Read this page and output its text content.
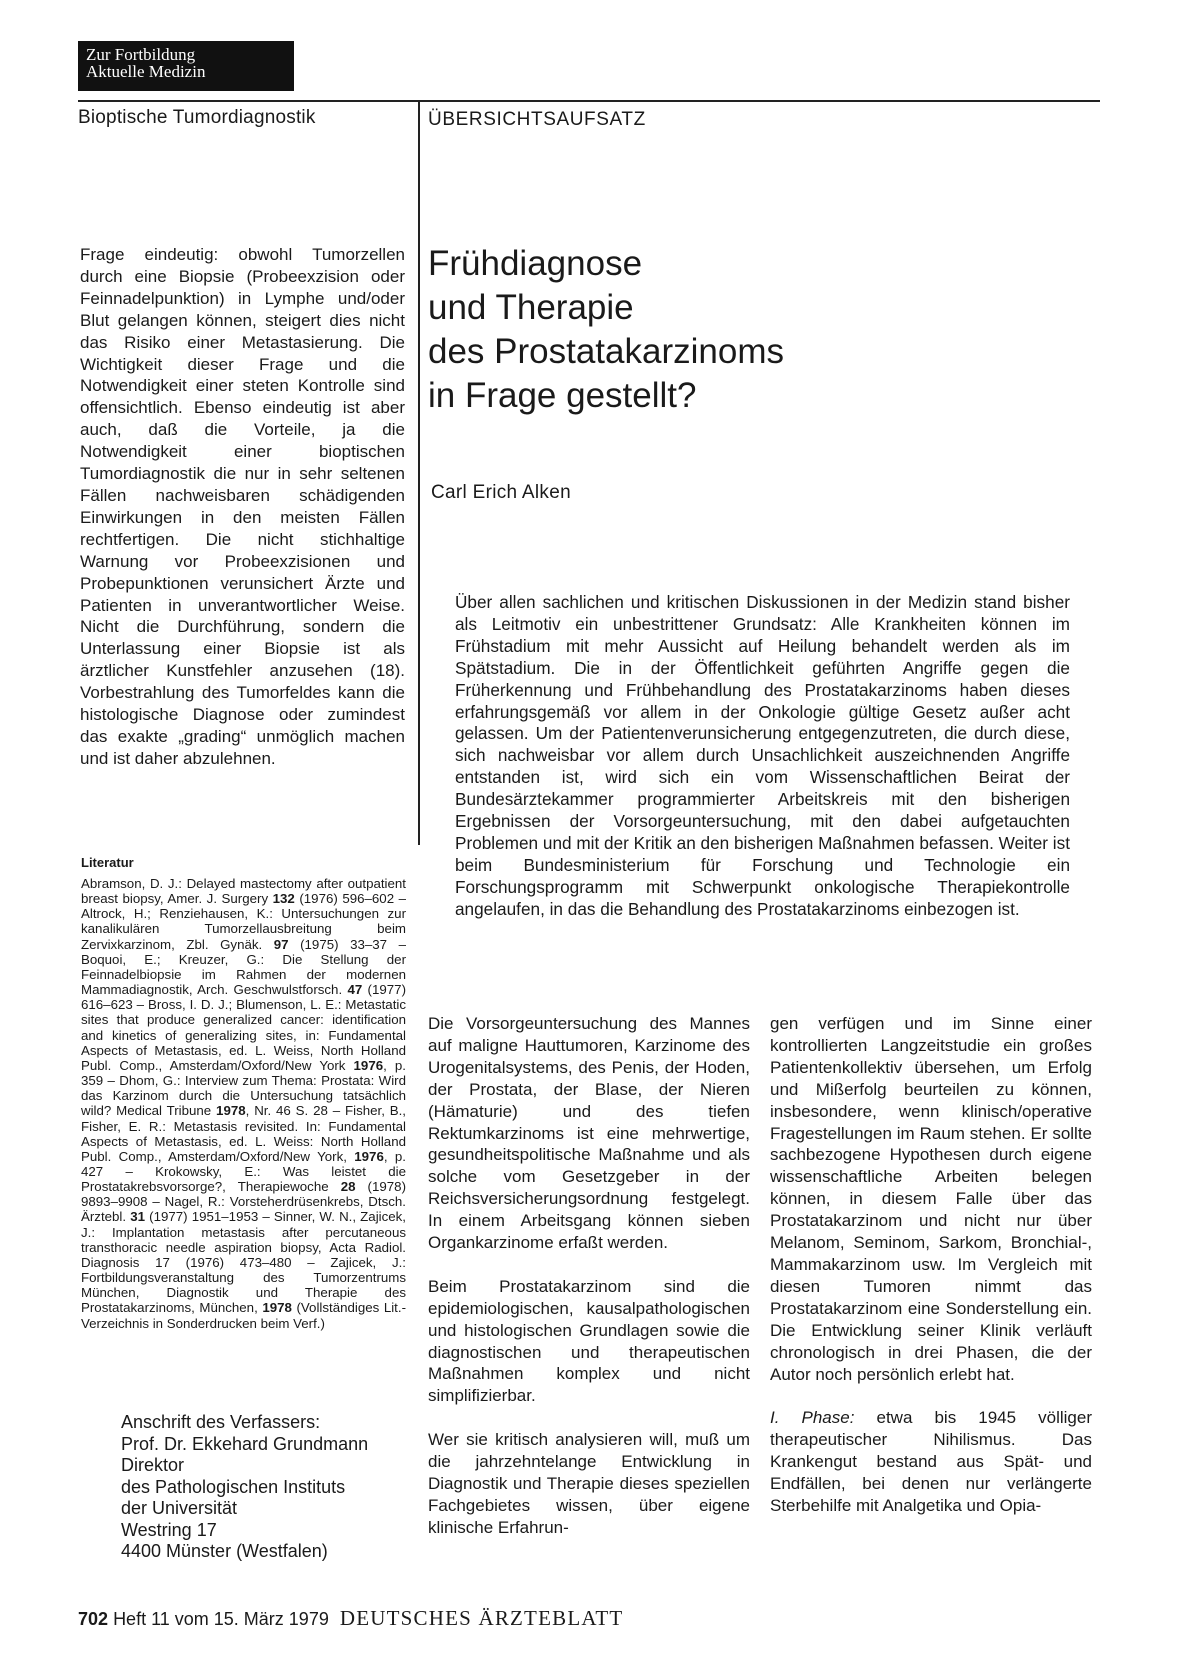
Zur Fortbildung
Aktuelle Medizin
Bioptische Tumordiagnostik	ÜBERSICHTSAUFSATZ
Frühdiagnose
und Therapie
des Prostatakarzinoms
in Frage gestellt?
Carl Erich Alken

Frage eindeutig: obwohl Tumorzellen durch eine Biopsie (Probeexzision oder Feinnadelpunktion) in Lymphe und/oder Blut gelangen können, steigert dies nicht das Risiko einer Metastasierung. Die Wichtigkeit dieser Frage und die Notwendigkeit einer steten Kontrolle sind offensichtlich. Ebenso eindeutig ist aber auch, daß die Vorteile, ja die Notwendigkeit einer bioptischen Tumordiagnostik die nur in sehr seltenen Fällen nachweisbaren schädigenden Einwirkungen in den meisten Fällen rechtfertigen. Die nicht stichhaltige Warnung vor Probeexzisionen und Probepunktionen verunsichert Ärzte und Patienten in unverantwortlicher Weise. Nicht die Durchführung, sondern die Unterlassung einer Biopsie ist als ärztlicher Kunstfehler anzusehen (18). Vorbestrahlung des Tumorfeldes kann die histologische Diagnose oder zumindest das exakte „grading“ unmöglich machen und ist daher abzulehnen.

Literatur
Abramson, D. J.: Delayed mastectomy after outpatient breast biopsy, Amer. J. Surgery 132 (1976) 596–602 – Altrock, H.; Renziehausen, K.: Untersuchungen zur kanalikulären Tumorzellausbreitung beim Zervixkarzinom, Zbl. Gynäk. 97 (1975) 33–37 – Boquoi, E.; Kreuzer, G.: Die Stellung der Feinnadelbiopsie im Rahmen der modernen Mammadiagnostik, Arch. Geschwulstforsch. 47 (1977) 616–623 – Bross, I. D. J.; Blumenson, L. E.: Metastatic sites that produce generalized cancer: identification and kinetics of generalizing sites, in: Fundamental Aspects of Metastasis, ed. L. Weiss, North Holland Publ. Comp., Amsterdam/Oxford/New York 1976, p. 359 – Dhom, G.: Interview zum Thema: Prostata: Wird das Karzinom durch die Untersuchung tatsächlich wild? Medical Tribune 1978, Nr. 46 S. 28 – Fisher, B., Fisher, E. R.: Metastasis revisited. In: Fundamental Aspects of Metastasis, ed. L. Weiss: North Holland Publ. Comp., Amsterdam/Oxford/New York, 1976, p. 427 – Krokowsky, E.: Was leistet die Prostatakrebsvorsorge?, Therapiewoche 28 (1978) 9893–9908 – Nagel, R.: Vorsteherdrüsenkrebs, Dtsch. Ärztebl. 31 (1977) 1951–1953 – Sinner, W. N., Zajicek, J.: Implantation metastasis after percutaneous transthoracic needle aspiration biopsy, Acta Radiol. Diagnosis 17 (1976) 473–480 – Zajicek, J.: Fortbildungsveranstaltung des Tumorzentrums München, Diagnostik und Therapie des Prostatakarzinoms, München, 1978 (Vollständiges Lit.-Verzeichnis in Sonderdrucken beim Verf.)
Anschrift des Verfassers:
Prof. Dr. Ekkehard Grundmann
Direktor
des Pathologischen Instituts
der Universität
Westring 17
4400 Münster (Westfalen)
Über allen sachlichen und kritischen Diskussionen in der Medizin stand bisher als Leitmotiv ein unbestrittener Grundsatz: Alle Krankheiten können im Frühstadium mit mehr Aussicht auf Heilung behandelt werden als im Spätstadium. Die in der Öffentlichkeit geführten Angriffe gegen die Früherkennung und Frühbehandlung des Prostatakarzinoms haben dieses erfahrungsgemäß vor allem in der Onkologie gültige Gesetz außer acht gelassen. Um der Patientenverunsicherung entgegenzutreten, die durch diese, sich nachweisbar vor allem durch Unsachlichkeit auszeichnenden Angriffe entstanden ist, wird sich ein vom Wissenschaftlichen Beirat der Bundesärztekammer programmierter Arbeitskreis mit den bisherigen Ergebnissen der Vorsorgeuntersuchung, mit den dabei aufgetauchten Problemen und mit der Kritik an den bisherigen Maßnahmen befassen. Weiter ist beim Bundesministerium für Forschung und Technologie ein Forschungsprogramm mit Schwerpunkt onkologische Therapiekontrolle angelaufen, in das die Behandlung des Prostatakarzinoms einbezogen ist.

Die Vorsorgeuntersuchung des Mannes auf maligne Hauttumoren, Karzinome des Urogenitalsystems, des Penis, der Hoden, der Prostata, der Blase, der Nieren (Hämaturie) und des tiefen Rektumkarzinoms ist eine mehrwertige, gesundheitspolitische Maßnahme und als solche vom Gesetzgeber in der Reichsversicherungsordnung festgelegt. In einem Arbeitsgang können sieben Organkarzinome erfaßt werden.

Beim Prostatakarzinom sind die epidemiologischen, kausalpathologischen und histologischen Grundlagen sowie die diagnostischen und therapeutischen Maßnahmen komplex und nicht simplifizierbar.

Wer sie kritisch analysieren will, muß um die jahrzehntelange Entwicklung in Diagnostik und Therapie dieses speziellen Fachgebietes wissen, über eigene klinische Erfahrun-

gen verfügen und im Sinne einer kontrollierten Langzeitstudie ein großes Patientenkollektiv übersehen, um Erfolg und Mißerfolg beurteilen zu können, insbesondere, wenn klinisch/operative Fragestellungen im Raum stehen. Er sollte sachbezogene Hypothesen durch eigene wissenschaftliche Arbeiten belegen können, in diesem Falle über das Prostatakarzinom und nicht nur über Melanom, Seminom, Sarkom, Bronchial-, Mammakarzinom usw. Im Vergleich mit diesen Tumoren nimmt das Prostatakarzinom eine Sonderstellung ein. Die Entwicklung seiner Klinik verläuft chronologisch in drei Phasen, die der Autor noch persönlich erlebt hat.

I. Phase: etwa bis 1945 völliger therapeutischer Nihilismus. Das Krankengut bestand aus Spät- und Endfällen, bei denen nur verlängerte Sterbehilfe mit Analgetika und Opia-

702 Heft 11 vom 15. März 1979 DEUTSCHES ÄRZTEBLATT
